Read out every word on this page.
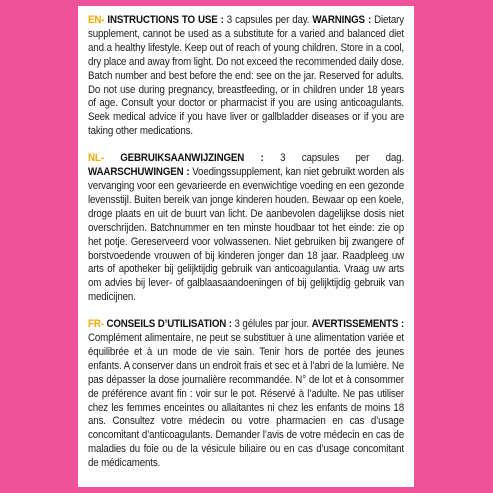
EN- INSTRUCTIONS TO USE : 3 capsules per day. WARNINGS : Dietary supplement, cannot be used as a substitute for a varied and balanced diet and a healthy lifestyle. Keep out of reach of young children. Store in a cool, dry place and away from light. Do not exceed the recommended daily dose. Batch number and best before the end: see on the jar. Reserved for adults. Do not use during pregnancy, breastfeeding, or in children under 18 years of age. Consult your doctor or pharmacist if you are using anticoagulants. Seek medical advice if you have liver or gallbladder diseases or if you are taking other medications.

NL- GEBRUIKSAANWIJZINGEN : 3 capsules per dag. WAARSCHUWINGEN : Voedingssupplement, kan niet gebruikt worden als vervanging voor een gevarieerde en evenwichtige voeding en een gezonde levensstijl. Buiten bereik van jonge kinderen houden. Bewaar op een koele, droge plaats en uit de buurt van licht. De aanbevolen dagelijkse dosis niet overschrijden. Batchnummer en ten minste houdbaar tot het einde: zie op het potje. Gereserveerd voor volwassenen. Niet gebruiken bij zwangere of borstvoedende vrouwen of bij kinderen jonger dan 18 jaar. Raadpleeg uw arts of apotheker bij gelijktijdig gebruik van anticoagulantia. Vraag uw arts om advies bij lever- of galblaasaandoeningen of bij gelijktijdig gebruik van medicijnen.

FR- CONSEILS D’UTILISATION : 3 gélules par jour. AVERTISSEMENTS : Complément alimentaire, ne peut se substituer à une alimentation variée et équilibrée et à un mode de vie sain. Tenir hors de portée des jeunes enfants. A conserver dans un endroit frais et sec et à l’abri de la lumière. Ne pas dépasser la dose journalière recommandée. N° de lot et à consommer de préférence avant fin : voir sur le pot. Réservé à l’adulte. Ne pas utiliser chez les femmes enceintes ou allaitantes ni chez les enfants de moins 18 ans. Consultez votre médecin ou votre pharmacien en cas d’usage concomitant d’anticoagulants. Demander l’avis de votre médecin en cas de maladies du foie ou de la vésicule biliaire ou en cas d’usage concomitant de médicaments.
